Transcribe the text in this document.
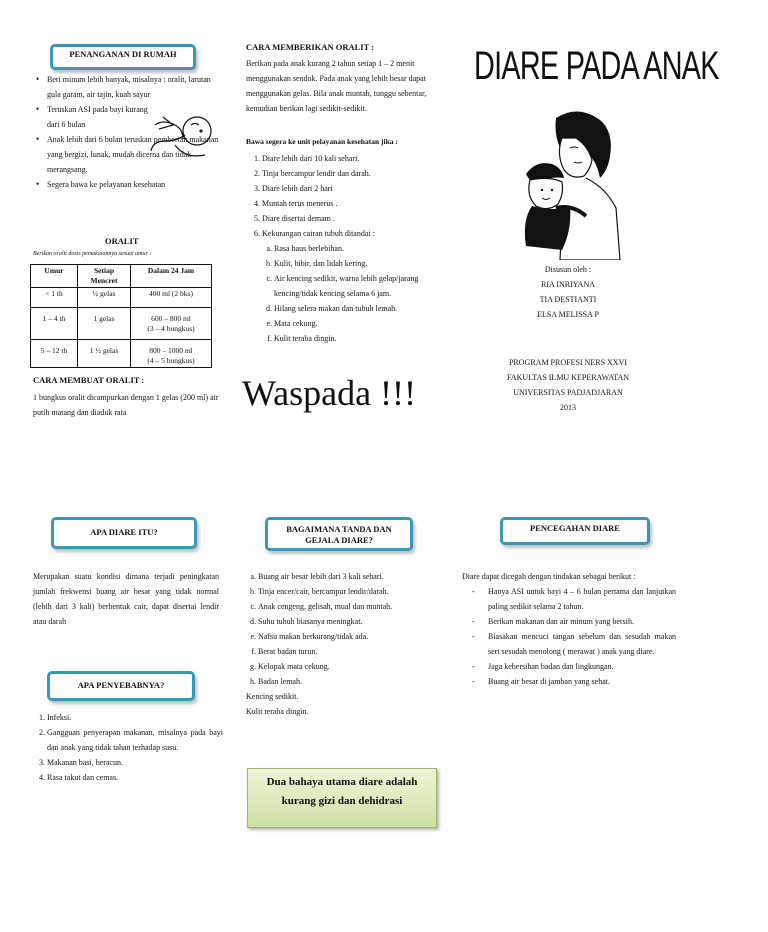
PENANGANAN DI RUMAH
• Beri minum lebih banyak, misalnya : oralit, larutan gula garam, air tajin, kuah sayur
• Teruskan ASI pada bayi kurang dari 6 bulan
• Anak lebih dari 6 bulan teruskan pemberian makanan yang bergizi, lunak, mudah dicerna dan tidak merangsang.
• Segera bawa ke pelayanan kesehatan
ORALIT
Berikan oralit dosis pemakaiannya sesuai umur :
Umur	Setiap Mencret	Dalam 24 Jam
< 1 th	½ gelas	400 ml (2 bks)
1 – 4 th	1 gelas	600 – 800 ml
(3 – 4 bungkus)

5 – 12 th	1 ½ gelas	800 – 1000 ml
(4 – 5 bungkus)
CARA MEMBUAT ORALIT :
1 bungkus oralit dicampurkan dengan 1 gelas (200 ml) air putih matang dan diaduk rata
CARA MEMBERIKAN ORALIT :
Berikan pada anak kurang 2 tahun setiap 1 – 2 menit menggunakan sendok. Pada anak yang lebih besar dapat menggunakan gelas. Bila anak muntah, tunggu sebentar, kemudian berikan lagi sedikit-sedikit.
Bawa segera ke unit pelayanan kesehatan jika :
1. Diare lebih dari 10 kali sehari.
2. Tinja bercampur lendir dan darah.
3. Diare lebih dari 2 hari
4. Muntah terus menerus .
5. Diare disertai demam .
6. Kekurangan cairan tubuh ditandai :
a. Rasa haus berlebihan.
b. Kulit, bibir, dan lidah kering.
c. Air kencing sedikit, warna lebih gelap/jarang kencing/tidak kencing selama 6 jam.
d. Hilang selera makan dan tubuh lemah.
e. Mata cekung.
f. Kulit teraba dingin.
Waspada !!!
DIARE PADA ANAK
Disusun oleh :
RIA INRIYANA
TIA DESTIANTI
ELSA MELISSA P
PROGRAM PROFESI NERS XXVI
FAKULTAS ILMU KEPERAWATAN
UNIVERSITAS PADJADJARAN
2013
APA DIARE ITU?
Merupakan suatu kondisi dimana terjadi peningkatan jumlah frekwensi buang air besar yang tidak normal (lebih dari 3 kali) berbentuk cair, dapat disertai lendir atau darah
APA PENYEBABNYA?
1. Infeksi.
2. Gangguan penyerapan makanan, misalnya pada bayi dan anak yang tidak tahan terhadap susu.
3. Makanan basi, beracun.
4. Rasa takut dan cemas.
BAGAIMANA TANDA DAN GEJALA DIARE?
a. Buang air besar lebih dari 3 kali sehari.
b. Tinja encer/cair, bercampur lendir/darah.
c. Anak cengeng, gelisah, mual dan muntah.
d. Suhu tubuh biasanya meningkat.
e. Nafsu makan berkurang/tidak ada.
f. Berat badan turun.
g. Kelopak mata cekung.
h. Badan lemah.
Kencing sedikit.
Kulit teraba dingin.
Dua bahaya utama diare adalah kurang gizi dan dehidrasi
PENCEGAHAN DIARE
Diare dapat dicegah dengan tindakan sebagai berikut :
- Hanya ASI untuk bayi 4 – 6 bulan pertama dan lanjutkan paling sedikit selama 2 tahun.
- Berikan makanan dan air minum yang bersih.
- Biasakan mencuci tangan sebelum dan sesudah makan sert sesudah menolong ( merawat ) anak yang diare.
- Jaga kebersihan badan dan lingkungan.
- Buang air besar di jamban yang sehat.
